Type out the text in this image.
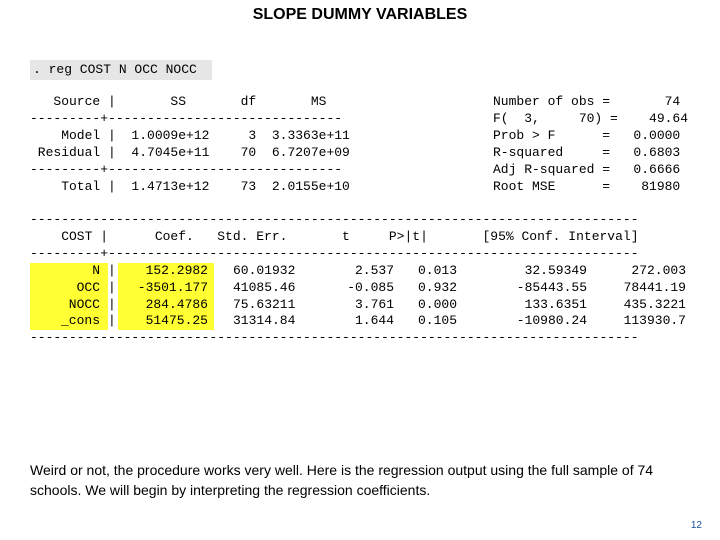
SLOPE DUMMY VARIABLES
. reg COST N OCC NOCC
Source |       SS       df       MS
---------+------------------------------
Model |  1.0009e+12     3  3.3363e+11
Residual |  4.7045e+11    70  6.7207e+09
---------+------------------------------
Total |  1.4713e+12    73  2.0155e+10
Number of obs =       74
F(  3,     70) =    49.64
Prob > F      =   0.0000
R-squared     =   0.6803
Adj R-squared =   0.6666
Root MSE      =    81980
------------------------------------------------------------------------------
COST |      Coef.   Std. Err.       t     P>|t|       [95% Conf. Interval]
---------+--------------------------------------------------------------------
N | 152.2982 60.01932	2.537 0.013	32.59349	272.003
OCC | -3501.177 41085.46	-0.085 0.932	-85443.55	78441.19
NOCC | 284.4786 75.63211	3.761 0.000	133.6351	435.3221
_cons | 51475.25 31314.84	1.644 0.105	-10980.24	113930.7
------------------------------------------------------------------------------
Weird or not, the procedure works very well. Here is the regression output using the full sample of 74 schools. We will begin by interpreting the regression coefficients.
12
